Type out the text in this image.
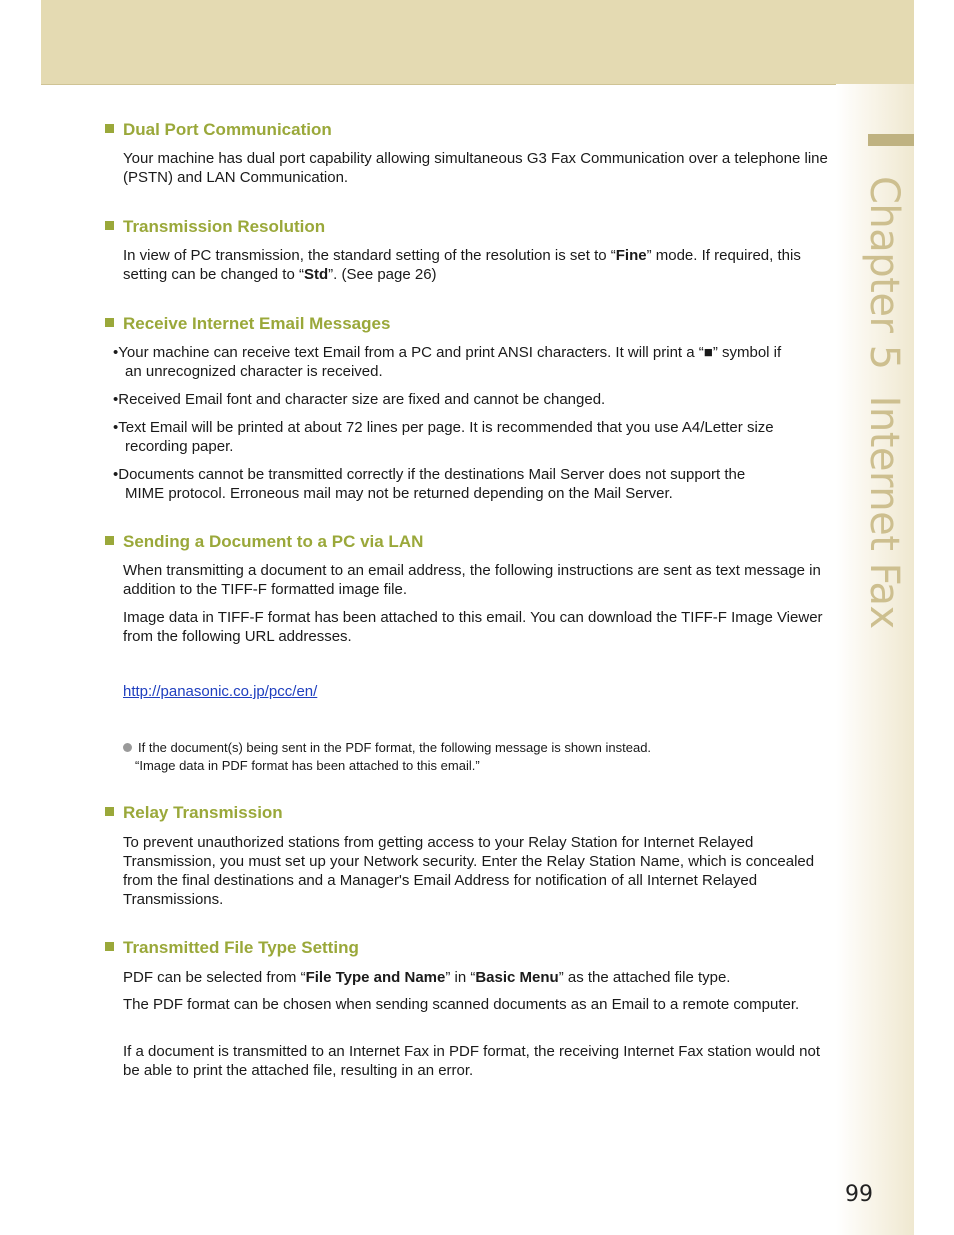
Chapter 5Internet Fax
99
Dual Port Communication
Your machine has dual port capability allowing simultaneous G3 Fax Communication over a telephone line (PSTN) and LAN Communication.
Transmission Resolution
In view of PC transmission, the standard setting of the resolution is set to “Fine” mode. If required, this setting can be changed to “Std”. (See page 26)
Receive Internet Email Messages
•Your machine can receive text Email from a PC and print ANSI characters. It will print a “■” symbol if
an unrecognized character is received.
•Received Email font and character size are fixed and cannot be changed.
•Text Email will be printed at about 72 lines per page. It is recommended that you use A4/Letter size
recording paper.
•Documents cannot be transmitted correctly if the destinations Mail Server does not support the
MIME protocol. Erroneous mail may not be returned depending on the Mail Server.
Sending a Document to a PC via LAN
When transmitting a document to an email address, the following instructions are sent as text message in addition to the TIFF-F formatted image file.
Image data in TIFF-F format has been attached to this email. You can download the TIFF-F Image Viewer from the following URL addresses.
http://panasonic.co.jp/pcc/en/
If the document(s) being sent in the PDF format, the following message is shown instead.
“Image data in PDF format has been attached to this email.”
Relay Transmission
To prevent unauthorized stations from getting access to your Relay Station for Internet Relayed Transmission, you must set up your Network security. Enter the Relay Station Name, which is concealed from the final destinations and a Manager's Email Address for notification of all Internet Relayed Transmissions.
Transmitted File Type Setting
PDF can be selected from “File Type and Name” in “Basic Menu” as the attached file type.
The PDF format can be chosen when sending scanned documents as an Email to a remote computer.
If a document is transmitted to an Internet Fax in PDF format, the receiving Internet Fax station would not be able to print the attached file, resulting in an error.
